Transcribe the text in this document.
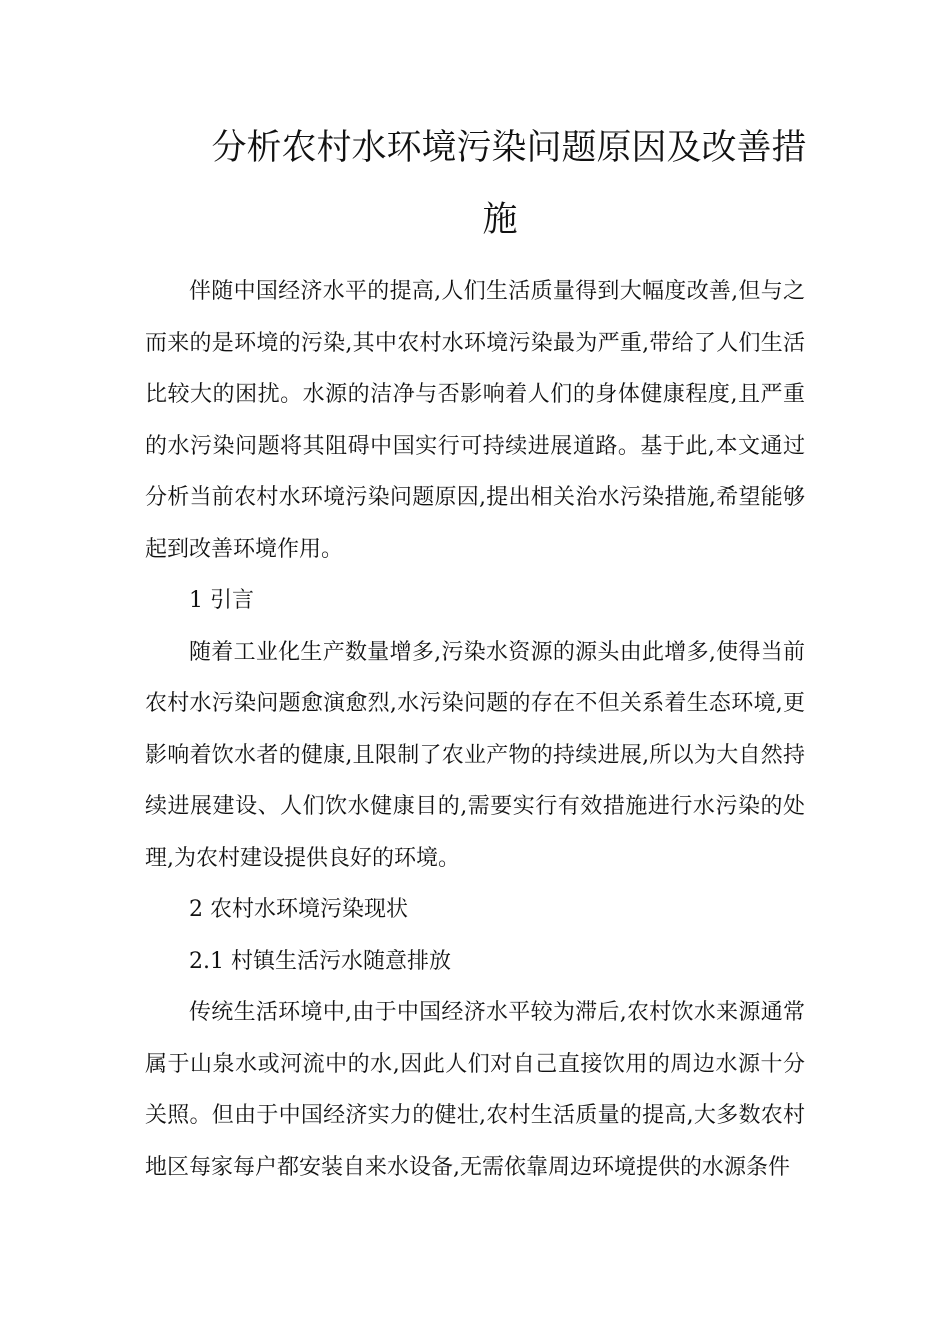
分析农村水环境污染问题原因及改善措
施

伴随中国经济水平的提高,人们生活质量得到大幅度改善,但与之而来的是环境的污染,其中农村水环境污染最为严重,带给了人们生活比较大的困扰。水源的洁净与否影响着人们的身体健康程度,且严重的水污染问题将其阻碍中国实行可持续进展道路。基于此,本文通过分析当前农村水环境污染问题原因,提出相关治水污染措施,希望能够起到改善环境作用。

1 引言

随着工业化生产数量增多,污染水资源的源头由此增多,使得当前农村水污染问题愈演愈烈,水污染问题的存在不但关系着生态环境,更影响着饮水者的健康,且限制了农业产物的持续进展,所以为大自然持续进展建设、人们饮水健康目的,需要实行有效措施进行水污染的处理,为农村建设提供良好的环境。

2 农村水环境污染现状

2.1 村镇生活污水随意排放

传统生活环境中,由于中国经济水平较为滞后,农村饮水来源通常属于山泉水或河流中的水,因此人们对自己直接饮用的周边水源十分关照。但由于中国经济实力的健壮,农村生活质量的提高,大多数农村地区每家每户都安装自来水设备,无需依靠周边环境提供的水源条件
